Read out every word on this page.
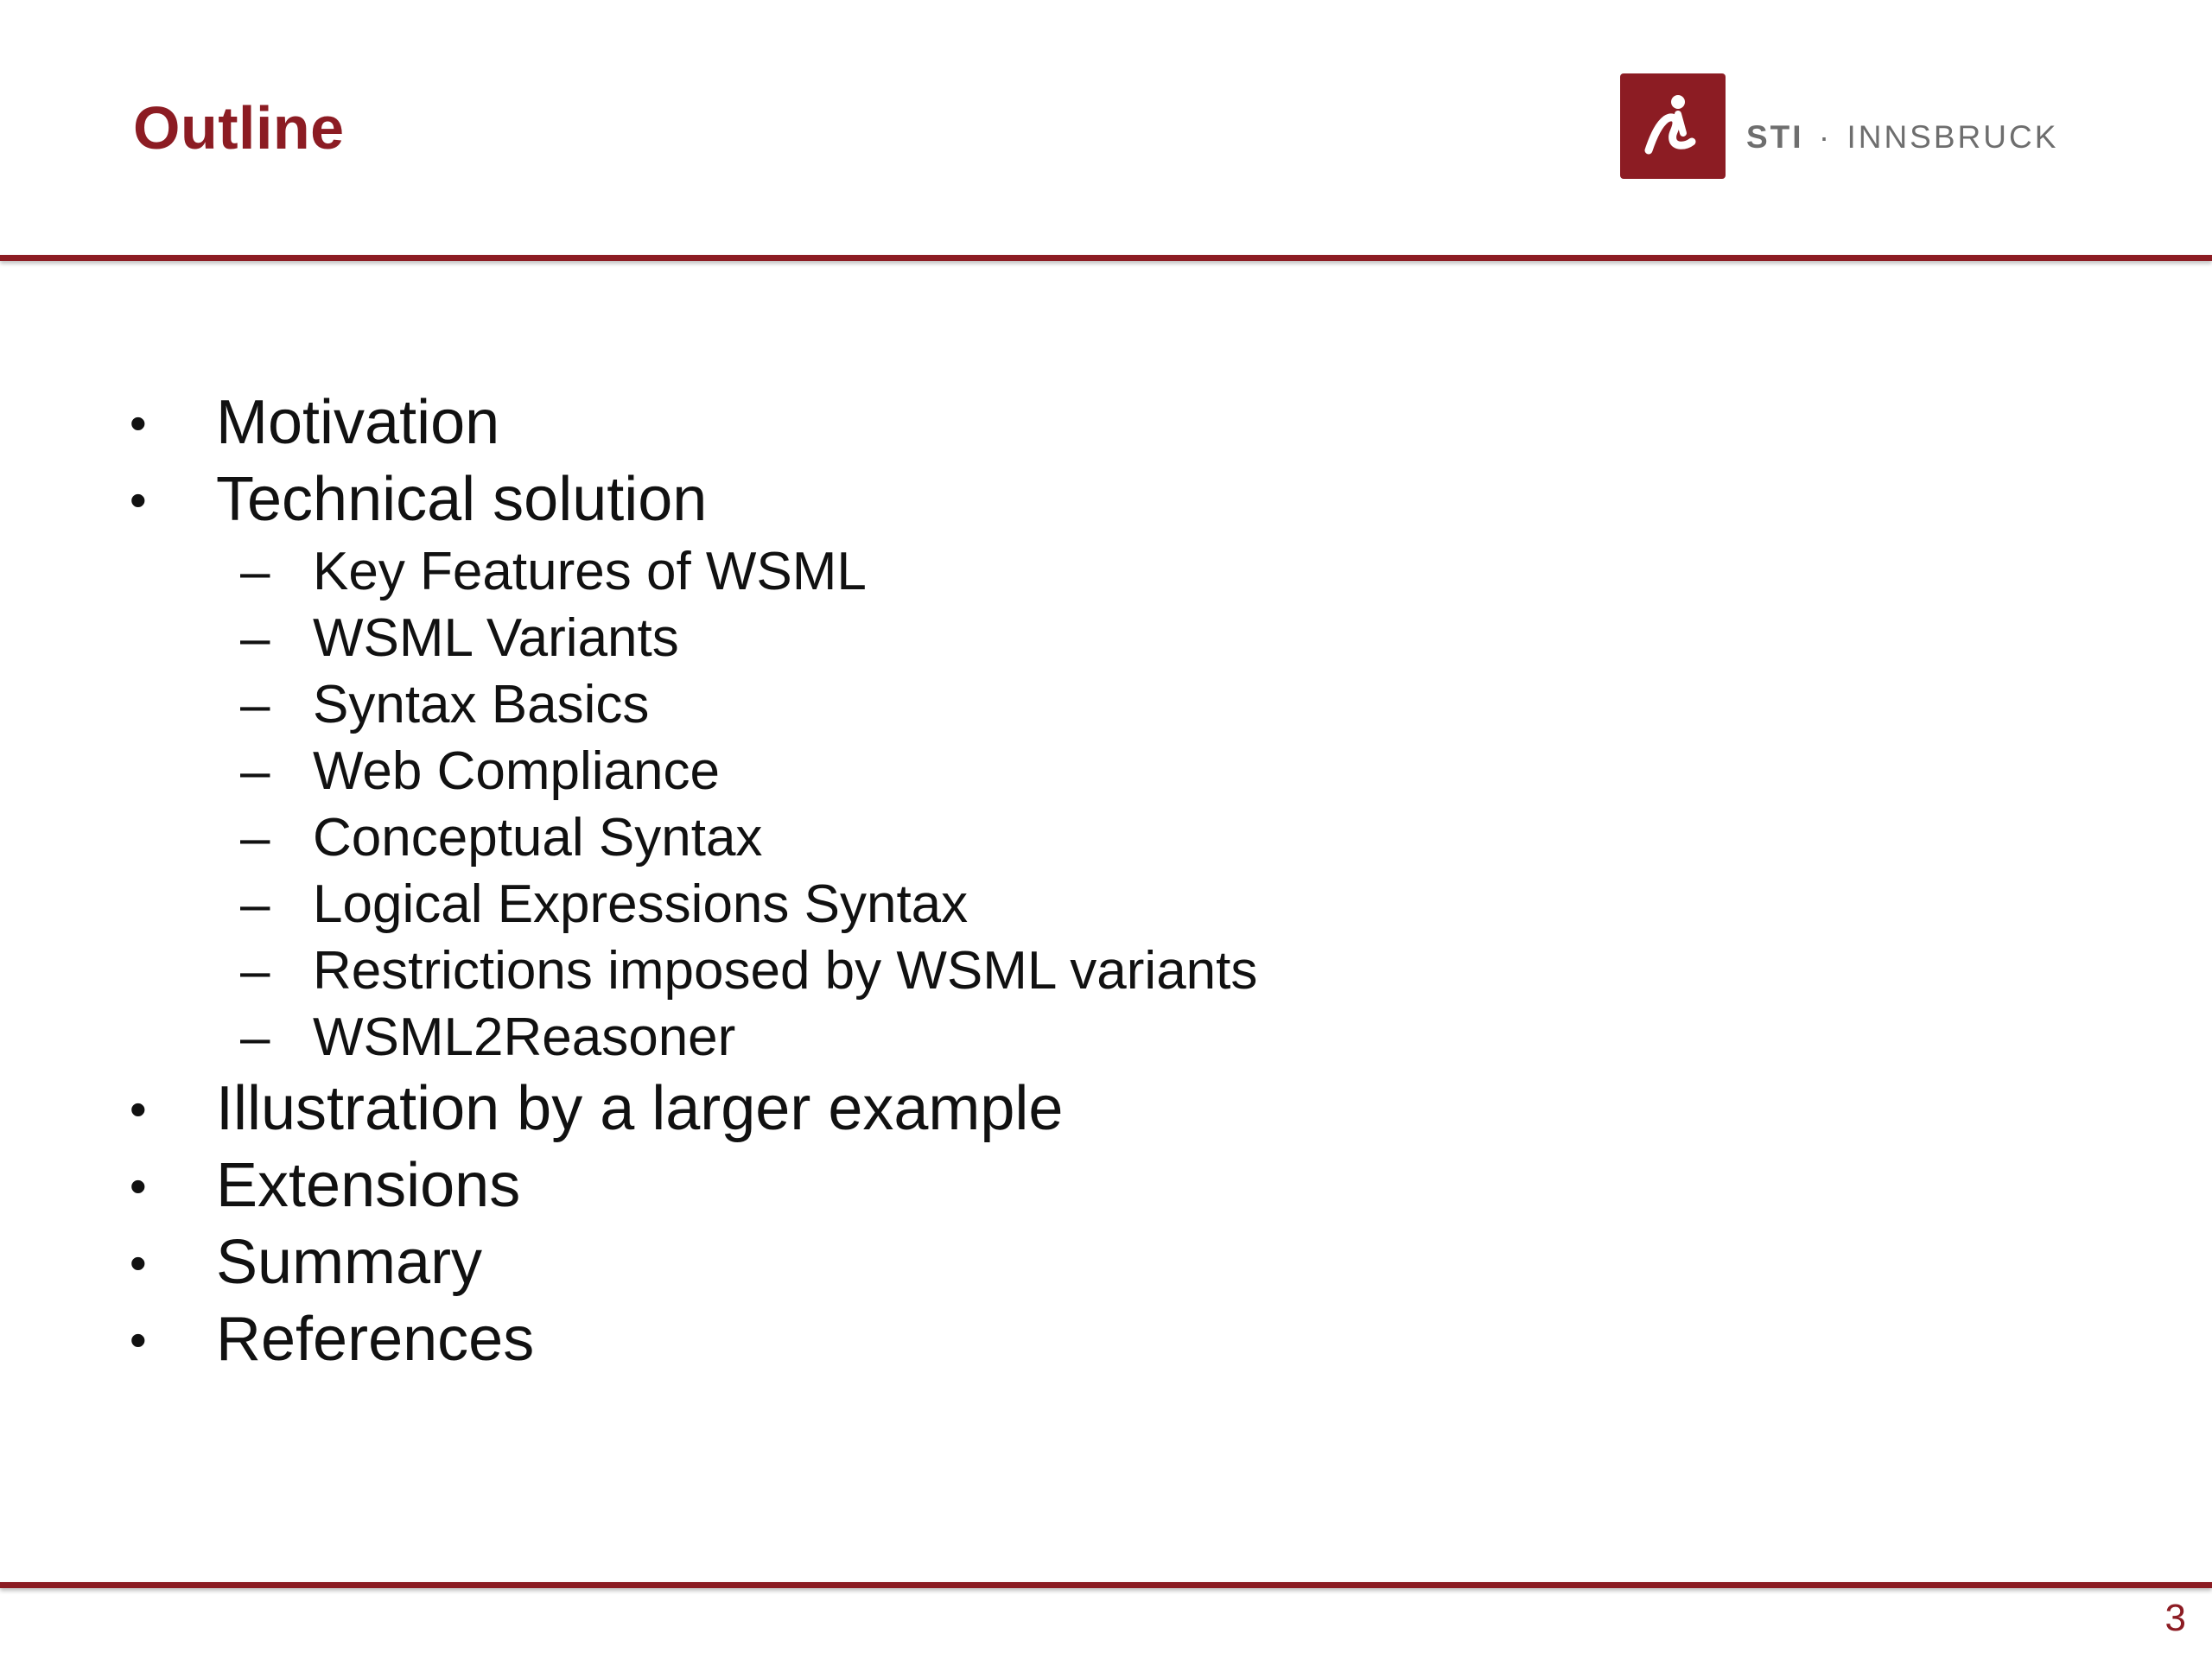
Outline	STI · INNSBRUCK
• Motivation
• Technical solution
– Key Features of WSML
– WSML Variants
– Syntax Basics
– Web Compliance
– Conceptual Syntax
– Logical Expressions Syntax
– Restrictions imposed by WSML variants
– WSML2Reasoner
• Illustration by a larger example
• Extensions
• Summary
• References
3
